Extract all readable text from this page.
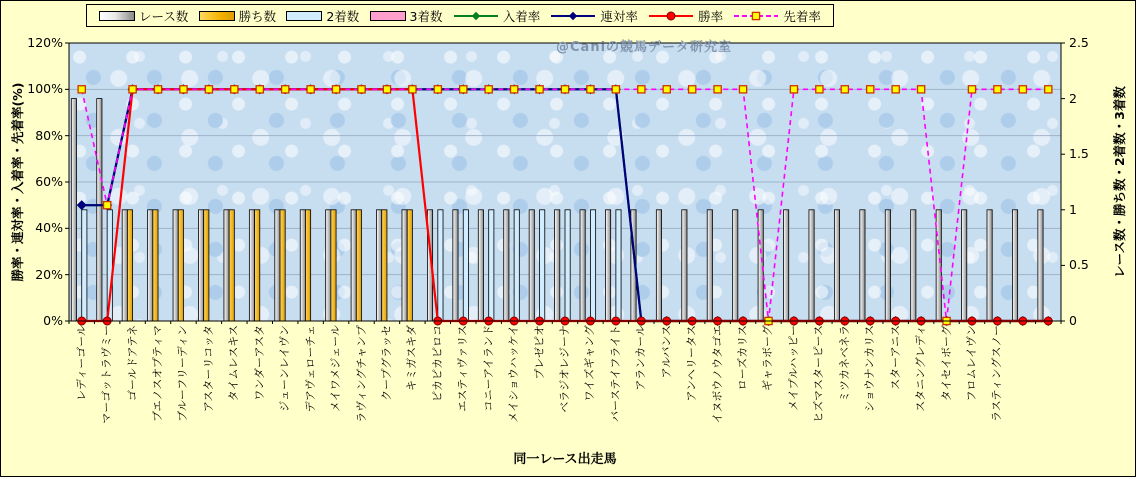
レース数	勝ち数	2着数	3着数	入着率	連対率	勝率	先着率
勝率・連対率・入着率・先着率(%)	レース数・勝ち数・2着数・3着数
@Caniの競馬データ研究室
同一レース出走馬
0%
20%
40%
60%
80%
100%
120%
0
0.5
1
1.5
2
2.5
レディーゴール マーゴットラヴミー ゴールドアテネ ブエノスオプティマ ブルーフリーディン アスターリコッタ タイムレスキス ワンダーアスタ ジューンレイヴン デアヴェローチェ メイワメジェール ラヴィングチャンプ クープグラッセ キミガスキダ ピカピカピロコ エスティヴァリス コニーアイランド メイショウハッケイ プレゼピオ ベラジオレジーナ ワイズギャング バーステイフライト アランカール アルバンス アンヘリータス イヌボウノウタゴエ ローズカリス ギャラボーグ メイプルハッピー ヒズマスターピース ミツカネベネラ ショウナンカリス スターアニス スタニングレディ タイセイボーグ フロムレイヴン ラスティングスノー
